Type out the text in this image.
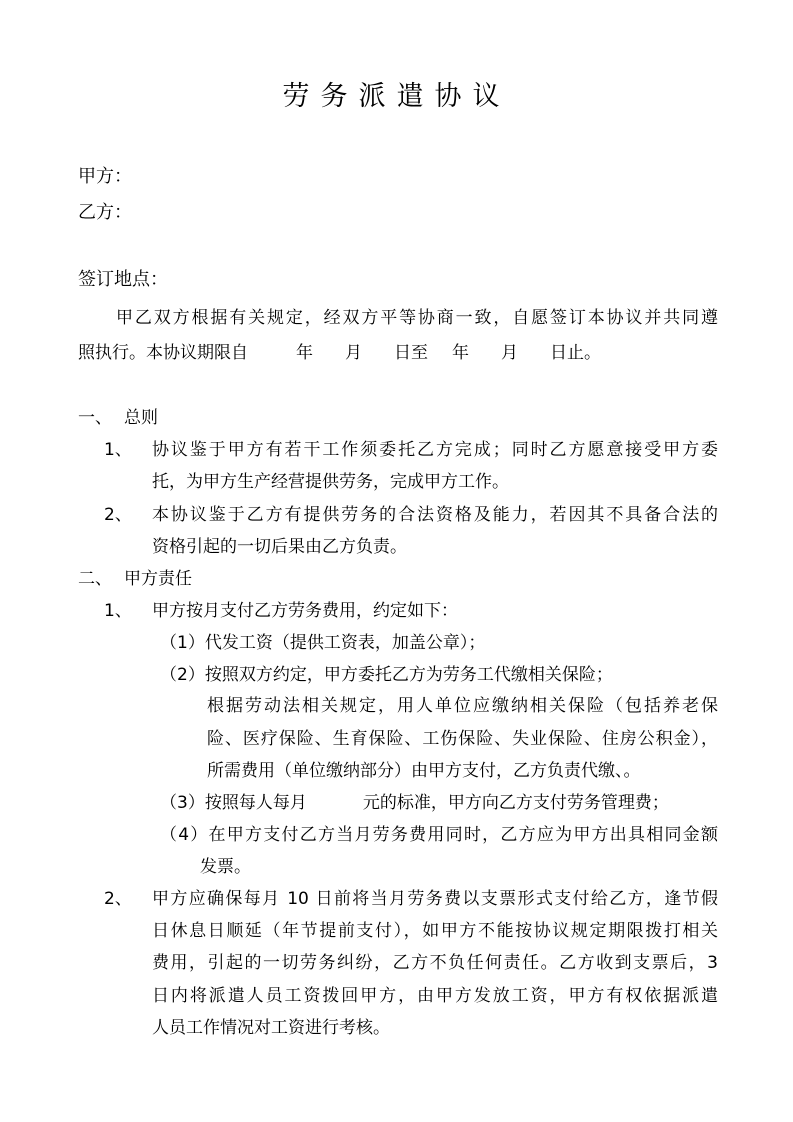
劳务派遣协议
甲方：
乙方：
签订地点：
甲乙双方根据有关规定，经双方平等协商一致，自愿签订本协议并共同遵
照执行。本协议期限自	年 月 日至 年 月 日止。
一、 总则
1、 协议鉴于甲方有若干工作须委托乙方完成；同时乙方愿意接受甲方委
托，为甲方生产经营提供劳务，完成甲方工作。
2、 本协议鉴于乙方有提供劳务的合法资格及能力，若因其不具备合法的
资格引起的一切后果由乙方负责。
二、 甲方责任
1、 甲方按月支付乙方劳务费用，约定如下：
（1）代发工资（提供工资表，加盖公章）；
（2）按照双方约定，甲方委托乙方为劳务工代缴相关保险；
根据劳动法相关规定，用人单位应缴纳相关保险（包括养老保
险、医疗保险、生育保险、工伤保险、失业保险、住房公积金），
所需费用（单位缴纳部分）由甲方支付，乙方负责代缴、。
（3）按照每人每月	元的标准，甲方向乙方支付劳务管理费；
（4）在甲方支付乙方当月劳务费用同时，乙方应为甲方出具相同金额
发票。
2、 甲方应确保每月 10 日前将当月劳务费以支票形式支付给乙方，逢节假
日休息日顺延（年节提前支付），如甲方不能按协议规定期限拨打相关
费用，引起的一切劳务纠纷，乙方不负任何责任。乙方收到支票后，3
日内将派遣人员工资拨回甲方，由甲方发放工资，甲方有权依据派遣
人员工作情况对工资进行考核。
